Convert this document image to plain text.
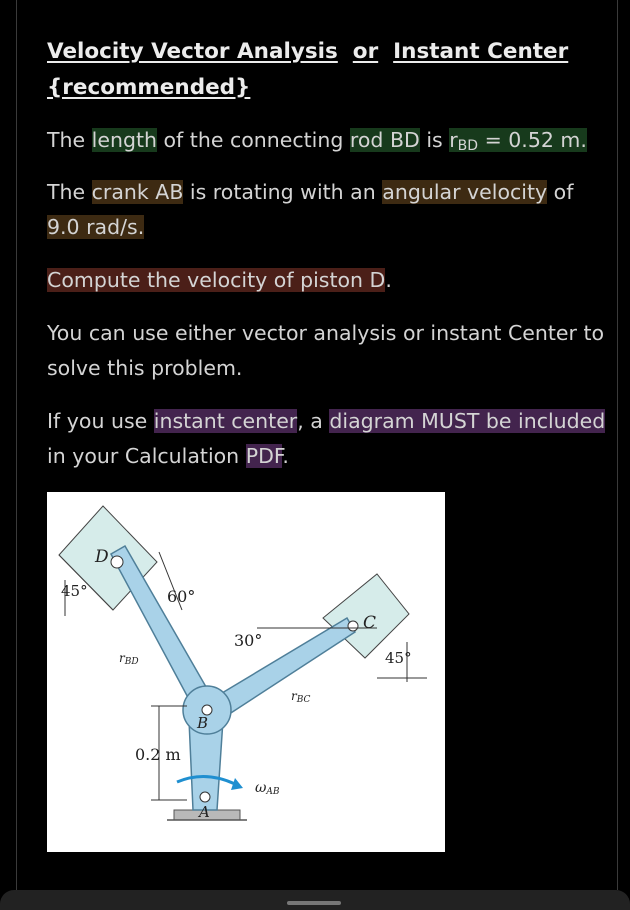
Velocity Vector Analysis or Instant Center
{recommended}

The length of the connecting rod BD is $r_{BD} = 0.52$ m.

The crank AB is rotating with an angular velocity of
9.0 rad/s.

Compute the velocity of piston D.

You can use either vector analysis or instant Center to solve this problem.

If you use instant center, a diagram MUST be included
in your Calculation PDF.

D
B
A
C
45°	60°
30°
45°
rBD
rBC
0.2 m
ωAB
